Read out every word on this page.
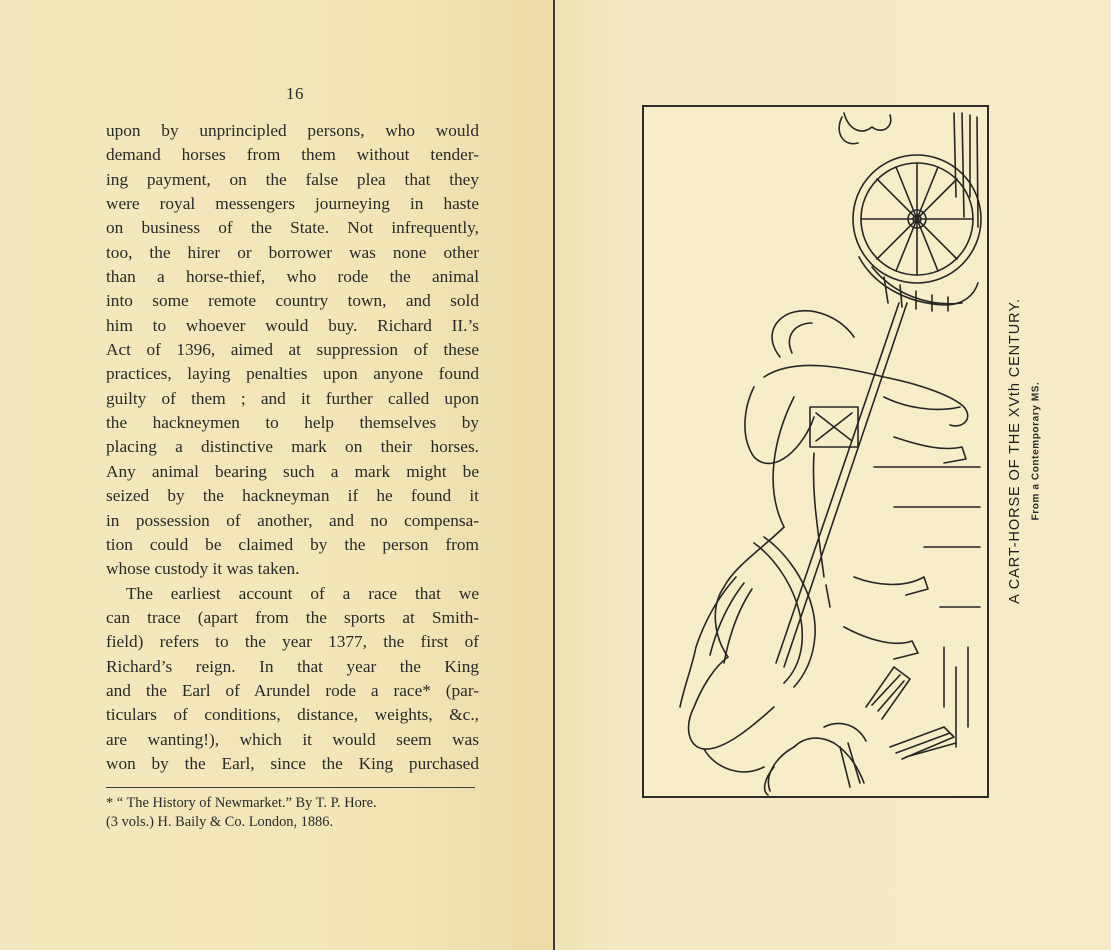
16
upon by unprincipled persons, who would
demand horses from them without tender-
ing payment, on the false plea that they
were royal messengers journeying in haste
on business of the State. Not infrequently,
too, the hirer or borrower was none other
than a horse-thief, who rode the animal
into some remote country town, and sold
him to whoever would buy. Richard II.’s
Act of 1396, aimed at suppression of these
practices, laying penalties upon anyone found
guilty of them ; and it further called upon
the hackneymen to help themselves by
placing a distinctive mark on their horses.
Any animal bearing such a mark might be
seized by the hackneyman if he found it
in possession of another, and no compensa-
tion could be claimed by the person from
whose custody it was taken.
The earliest account of a race that we
can trace (apart from the sports at Smith-
field) refers to the year 1377, the first of
Richard’s reign. In that year the King
and the Earl of Arundel rode a race* (par-
ticulars of conditions, distance, weights, &c.,
are wanting!), which it would seem was
won by the Earl, since the King purchased
* “ The History of Newmarket.” By T. P. Hore.
(3 vols.) H. Baily & Co. London, 1886.
A CART-HORSE OF THE XVth CENTURY. From a Contemporary MS.
